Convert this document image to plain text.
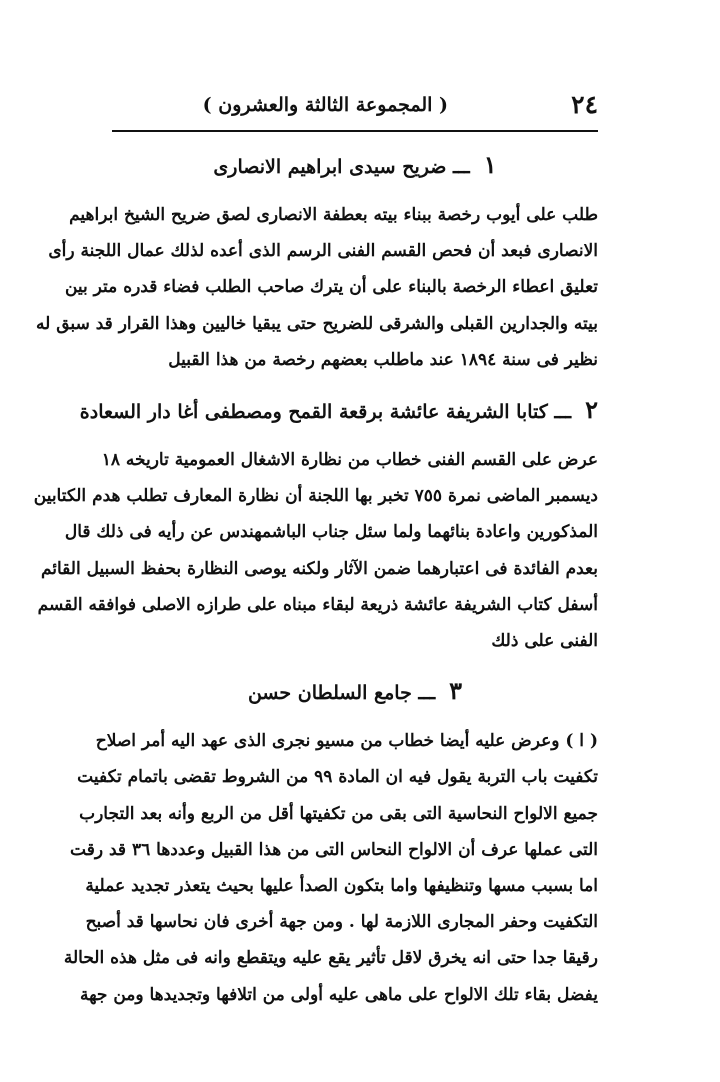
٢٤
( المجموعة الثالثة والعشرون )
١ـــ ضريح سيدى ابراهيم الانصارى
طلب على أيوب رخصة ببناء بيته بعطفة الانصارى لصق ضريح الشيخ ابراهيم
الانصارى فبعد أن فحص القسم الفنى الرسم الذى أعده لذلك عمال اللجنة رأى
تعليق اعطاء الرخصة بالبناء على أن يترك صاحب الطلب فضاء قدره متر بين
بيته والجدارين القبلى والشرقى للضريح حتى يبقيا خاليين وهذا القرار قد سبق له
نظير فى سنة ١٨٩٤ عند ماطلب بعضهم رخصة من هذا القبيل
٢ـــ كتابا الشريفة عائشة برقعة القمح ومصطفى أغا دار السعادة
عرض على القسم الفنى خطاب من نظارة الاشغال العمومية تاريخه ١٨
ديسمبر الماضى نمرة ٧٥٥ تخبر بها اللجنة أن نظارة المعارف تطلب هدم الكتابين
المذكورين واعادة بنائهما ولما سئل جناب الباشمهندس عن رأيه فى ذلك قال
بعدم الفائدة فى اعتبارهما ضمن الآثار ولكنه يوصى النظارة بحفظ السبيل القائم
أسفل كتاب الشريفة عائشة ذريعة لبقاء مبناه على طرازه الاصلى فوافقه القسم
الفنى على ذلك
٣ـــ جامع السلطان حسن
( ا ) وعرض عليه أيضا خطاب من مسيو نجرى الذى عهد اليه أمر اصلاح
تكفيت باب التربة يقول فيه ان المادة ٩٩ من الشروط تقضى باتمام تكفيت
جميع الالواح النحاسية التى بقى من تكفيتها أقل من الربع وأنه بعد التجارب
التى عملها عرف أن الالواح النحاس التى من هذا القبيل وعددها ٣٦ قد رقت
اما بسبب مسها وتنظيفها واما بتكون الصدأ عليها بحيث يتعذر تجديد عملية
التكفيت وحفر المجارى اللازمة لها . ومن جهة أخرى فان نحاسها قد أصبح
رقيقا جدا حتى انه يخرق لاقل تأثير يقع عليه ويتقطع وانه فى مثل هذه الحالة
يفضل بقاء تلك الالواح على ماهى عليه أولى من اتلافها وتجديدها ومن جهة
